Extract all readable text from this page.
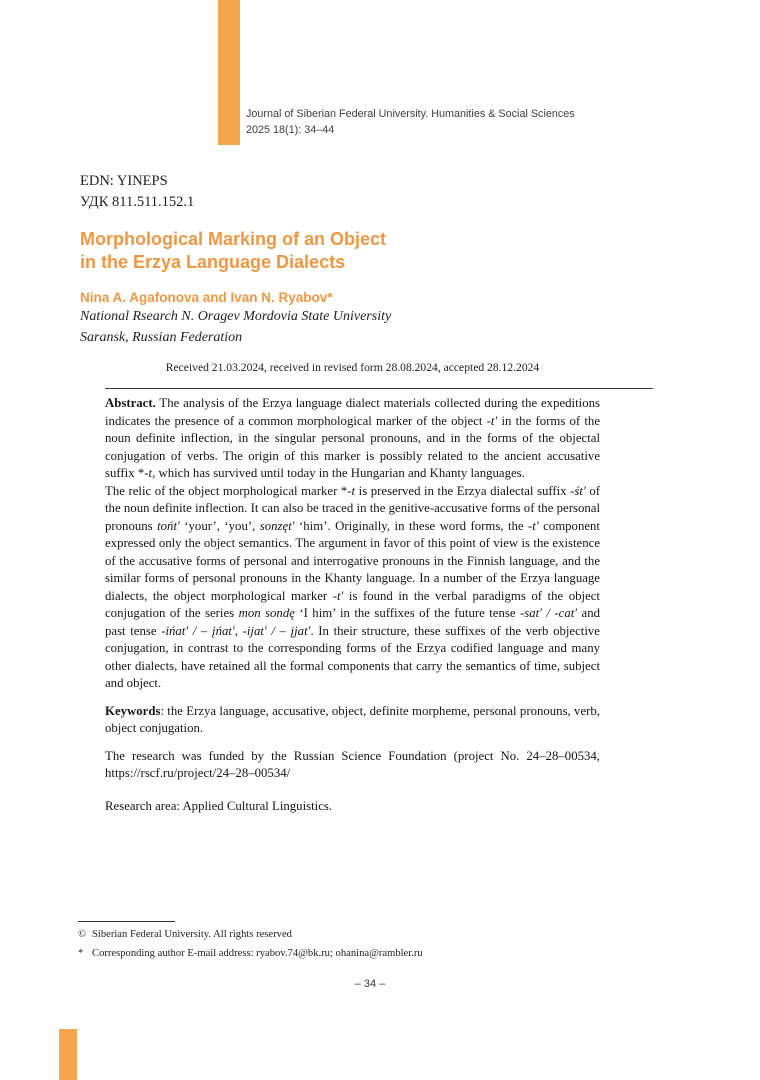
Journal of Siberian Federal University. Humanities & Social Sciences
2025 18(1): 34–44
EDN: YINEPS
УДК 811.511.152.1
Morphological Marking of an Object
in the Erzya Language Dialects
Nina A. Agafonova and Ivan N. Ryabov*
National Rsearch N. Oragev Mordovia State University
Saransk, Russian Federation
Received 21.03.2024, received in revised form 28.08.2024, accepted 28.12.2024

Abstract. The analysis of the Erzya language dialect materials collected during the expeditions indicates the presence of a common morphological marker of the object -t′ in the forms of the noun definite inflection, in the singular personal pronouns, and in the forms of the objectal conjugation of verbs. The origin of this marker is possibly related to the ancient accusative suffix *-t, which has survived until today in the Hungarian and Khanty languages.

The relic of the object morphological marker *-t is preserved in the Erzya dialectal suffix -śt′ of the noun definite inflection. It can also be traced in the genitive-accusative forms of the personal pronouns tońt′ ‘your’, ‘you’, sonzęt′ ‘him’. Originally, in these word forms, the -t′ component expressed only the object semantics. The argument in favor of this point of view is the existence of the accusative forms of personal and interrogative pronouns in the Finnish language, and the similar forms of personal pronouns in the Khanty language. In a number of the Erzya language dialects, the object morphological marker -t′ is found in the verbal paradigms of the object conjugation of the series mon sondę ‘I him’ in the suffixes of the future tense -sat′ / -cat′ and past tense -ińat′ / – įńat′, -ijat′ / – įjat′. In their structure, these suffixes of the verb objective conjugation, in contrast to the corresponding forms of the Erzya codified language and many other dialects, have retained all the formal components that carry the semantics of time, subject and object.

Keywords: the Erzya language, accusative, object, definite morpheme, personal pronouns, verb, object conjugation.

The research was funded by the Russian Science Foundation (project No. 24–28–00534, https://rscf.ru/project/24–28–00534/

Research area: Applied Cultural Linguistics.

© Siberian Federal University. All rights reserved
* Corresponding author E-mail address: ryabov.74@bk.ru; ohanina@rambler.ru
– 34 –
